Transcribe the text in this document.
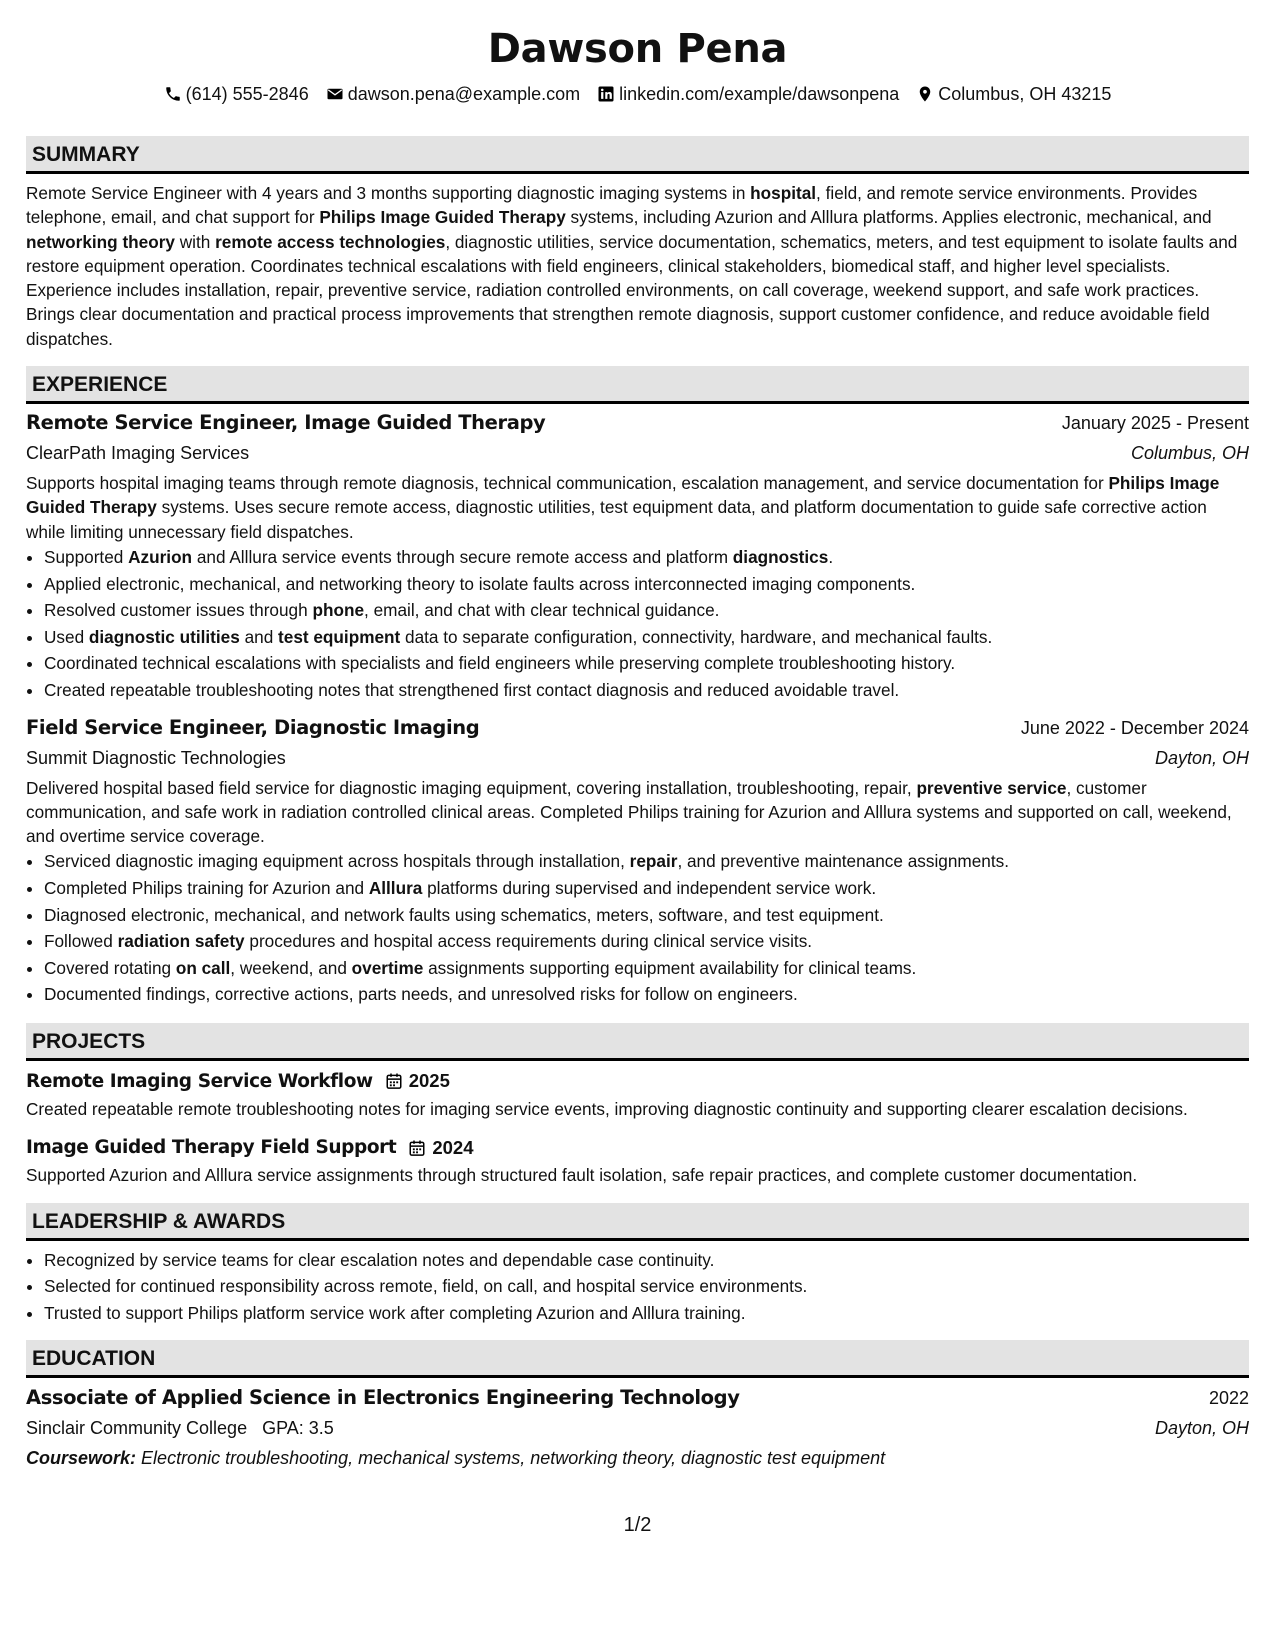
Dawson Pena
(614) 555-2846 dawson.pena@example.com linkedin.com/example/dawsonpena Columbus, OH 43215
SUMMARY

Remote Service Engineer with 4 years and 3 months supporting diagnostic imaging systems in hospital, field, and remote service environments. Provides telephone, email, and chat support for Philips Image Guided Therapy systems, including Azurion and Alllura platforms. Applies electronic, mechanical, and networking theory with remote access technologies, diagnostic utilities, service documentation, schematics, meters, and test equipment to isolate faults and restore equipment operation. Coordinates technical escalations with field engineers, clinical stakeholders, biomedical staff, and higher level specialists. Experience includes installation, repair, preventive service, radiation controlled environments, on call coverage, weekend support, and safe work practices. Brings clear documentation and practical process improvements that strengthen remote diagnosis, support customer confidence, and reduce avoidable field dispatches.

EXPERIENCE
Remote Service Engineer, Image Guided Therapy	January 2025 - Present
ClearPath Imaging Services	Columbus, OH

Supports hospital imaging teams through remote diagnosis, technical communication, escalation management, and service documentation for Philips Image Guided Therapy systems. Uses secure remote access, diagnostic utilities, test equipment data, and platform documentation to guide safe corrective action while limiting unnecessary field dispatches.

• Supported Azurion and Alllura service events through secure remote access and platform diagnostics.
• Applied electronic, mechanical, and networking theory to isolate faults across interconnected imaging components.
• Resolved customer issues through phone, email, and chat with clear technical guidance.
• Used diagnostic utilities and test equipment data to separate configuration, connectivity, hardware, and mechanical faults.
• Coordinated technical escalations with specialists and field engineers while preserving complete troubleshooting history.
• Created repeatable troubleshooting notes that strengthened first contact diagnosis and reduced avoidable travel.
Field Service Engineer, Diagnostic Imaging	June 2022 - December 2024
Summit Diagnostic Technologies	Dayton, OH

Delivered hospital based field service for diagnostic imaging equipment, covering installation, troubleshooting, repair, preventive service, customer communication, and safe work in radiation controlled clinical areas. Completed Philips training for Azurion and Alllura systems and supported on call, weekend, and overtime service coverage.

• Serviced diagnostic imaging equipment across hospitals through installation, repair, and preventive maintenance assignments.
• Completed Philips training for Azurion and Alllura platforms during supervised and independent service work.
• Diagnosed electronic, mechanical, and network faults using schematics, meters, software, and test equipment.
• Followed radiation safety procedures and hospital access requirements during clinical service visits.
• Covered rotating on call, weekend, and overtime assignments supporting equipment availability for clinical teams.
• Documented findings, corrective actions, parts needs, and unresolved risks for follow on engineers.
PROJECTS
Remote Imaging Service Workflow 2025

Created repeatable remote troubleshooting notes for imaging service events, improving diagnostic continuity and supporting clearer escalation decisions.

Image Guided Therapy Field Support 2024

Supported Azurion and Alllura service assignments through structured fault isolation, safe repair practices, and complete customer documentation.

LEADERSHIP & AWARDS
• Recognized by service teams for clear escalation notes and dependable case continuity.
• Selected for continued responsibility across remote, field, on call, and hospital service environments.
• Trusted to support Philips platform service work after completing Azurion and Alllura training.
EDUCATION
Associate of Applied Science in Electronics Engineering Technology	2022
Sinclair Community College GPA: 3.5	Dayton, OH
Coursework: Electronic troubleshooting, mechanical systems, networking theory, diagnostic test equipment
1/2
